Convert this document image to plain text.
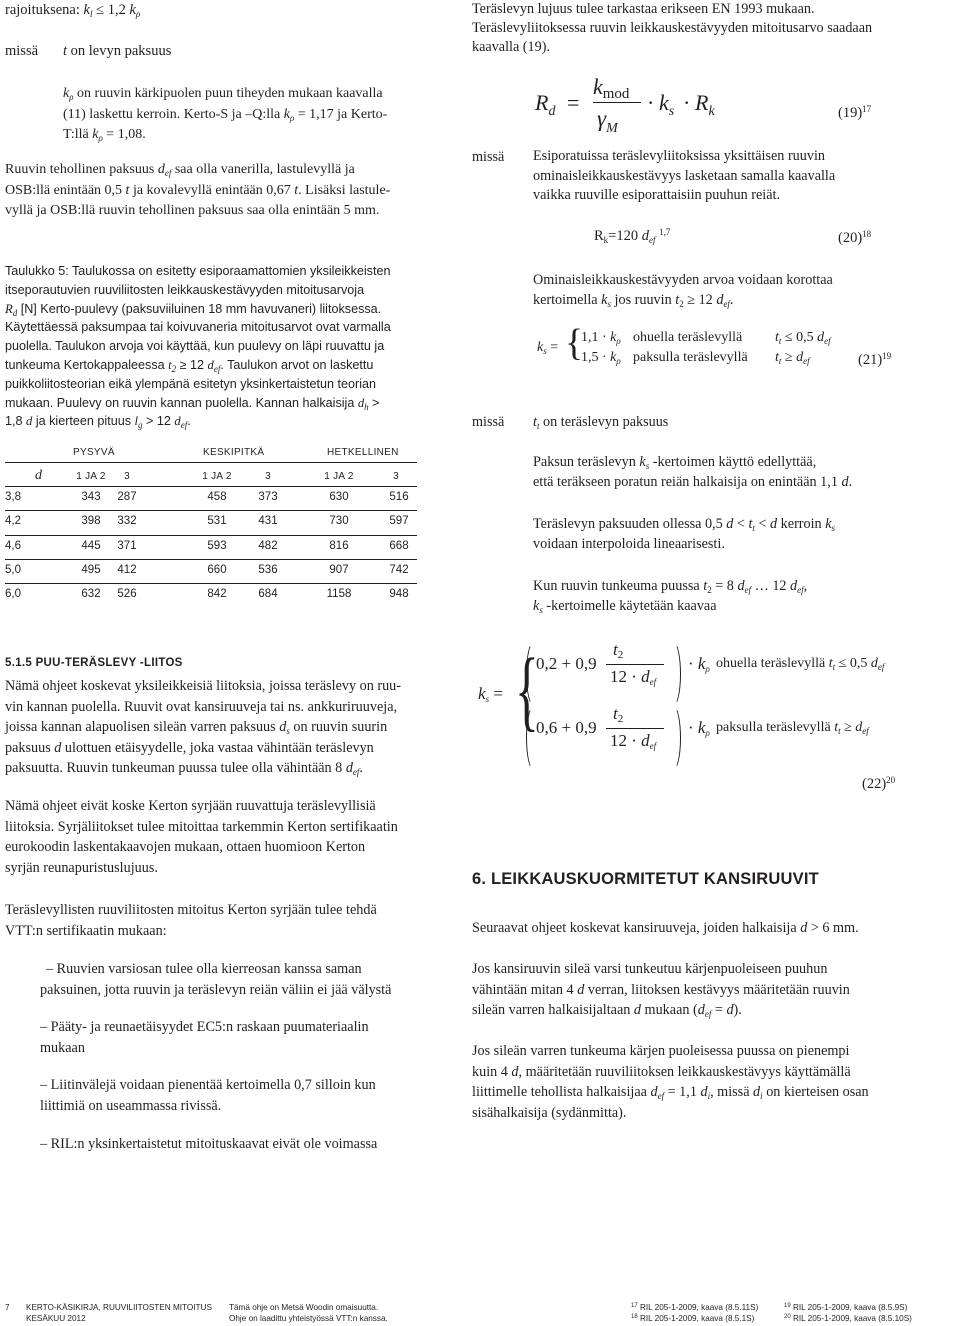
rajoituksena: $k_l \le 1,2$ $k_\rho$

missä t on levyn paksuus

$k_\rho$ on ruuvin kärkipuolen puun tiheyden mukaan kaavalla

(11) laskettu kerroin. Kerto-S ja –Q:lla $k_\rho = 1,17$ ja Kerto-

T:llä $k_\rho = 1,08$.

Ruuvin tehollinen paksuus $d_{ef}$ saa olla vanerilla, lastulevyllä ja

OSB:llä enintään 0,5 t ja kovalevyllä enintään 0,67 t. Lisäksi lastule-

vyllä ja OSB:llä ruuvin tehollinen paksuus saa olla enintään 5 mm.

Taulukko 5: Taulukossa on esitetty esiporaamattomien yksileikkeisten

itseporautuvien ruuviliitosten leikkauskestävyyden mitoitusarvoja

$R_d$ [N] Kerto-puulevy (paksuviiluinen 18 mm havuvaneri) liitoksessa.

Käytettäessä paksumpaa tai koivuvaneria mitoitusarvot ovat varmalla

puolella. Taulukon arvoja voi käyttää, kun puulevy on läpi ruuvattu ja

tunkeuma Kertokappaleessa $t_2 \ge 12$ $d_{ef}$. Taulukon arvot on laskettu

puikkoliitosteorian eikä ylempänä esitetyn yksinkertaistetun teorian

mukaan. Puulevy on ruuvin kannan puolella. Kannan halkaisija $d_h$ >

1,8 d ja kierteen pituus $l_g > 12$ $d_{ef}$.

PYSYVÄ	KESKIPITKÄ	HETKELLINEN
d	1 JA 2	3	1 JA 2	3	1 JA 2	3
3,8	343	287	458	373	630	516
4,2	398	332	531	431	730	597
4,6	445	371	593	482	816	668
5,0	495	412	660	536	907	742
6,0	632	526	842	684	1158	948
5.1.5 PUU-TERÄSLEVY -LIITOS

Nämä ohjeet koskevat yksileikkeisiä liitoksia, joissa teräslevy on ruu-

vin kannan puolella. Ruuvit ovat kansiruuveja tai ns. ankkuriruuveja,

joissa kannan alapuolisen sileän varren paksuus $d_s$ on ruuvin suurin

paksuus d ulottuen etäisyydelle, joka vastaa vähintään teräslevyn

paksuutta. Ruuvin tunkeuman puussa tulee olla vähintään 8 $d_{ef}$.

Nämä ohjeet eivät koske Kerton syrjään ruuvattuja teräslevyllisiä

liitoksia. Syrjäliitokset tulee mitoittaa tarkemmin Kerton sertifikaatin

eurokoodin laskentakaavojen mukaan, ottaen huomioon Kerton

syrjän reunapuristuslujuus.

Teräslevyllisten ruuviliitosten mitoitus Kerton syrjään tulee tehdä

VTT:n sertifikaatin mukaan:

– Ruuvien varsiosan tulee olla kierreosan kanssa saman

paksuinen, jotta ruuvin ja teräslevyn reiän väliin ei jää välystä

– Pääty- ja reunaetäisyydet EC5:n raskaan puumateriaalin

mukaan

– Liitinvälejä voidaan pienentää kertoimella 0,7 silloin kun

liittimiä on useammassa rivissä.

– RIL:n yksinkertaistetut mitoituskaavat eivät ole voimassa

Teräslevyn lujuus tulee tarkastaa erikseen EN 1993 mukaan.

Teräslevyliitoksessa ruuvin leikkauskestävyyden mitoitusarvo saadaan

kaavalla (19).

$R_d$ =
$k_{mod}$
$\gamma_M$
· $k_s \cdot R_k$	$(19)^{17}$
missä Esiporatuissa teräslevyliitoksissa yksittäisen ruuvin

ominaisleikkauskestävyys lasketaan samalla kaavalla

vaikka ruuville esiporattaisiin puuhun reiät.

$R_k=120$ $d_{ef}$ $^{1,7}$	$(20)^{18}$

Ominaisleikkauskestävyyden arvoa voidaan korottaa

kertoimella $k_s$ jos ruuvin $t_2 \ge 12$ $d_{ef}$.

$k_s$ = {
$1,1 \cdot k_\rho$ ohuella teräslevyllä $t_t \le 0,5$ $d_{ef}$
$1,5 \cdot k_\rho$ paksulla teräslevyllä $t_t \ge d_{ef}$	$(21)^{19}$
missä $t_t$ on teräslevyn paksuus

Paksun teräslevyn $k_s$ -kertoimen käyttö edellyttää,

että teräkseen poratun reiän halkaisija on enintään 1,1 d.

Teräslevyn paksuuden ollessa 0,5 $d < t_t < d$ kerroin $k_s$

voidaan interpoloida lineaarisesti.

Kun ruuvin tunkeuma puussa $t_2 = 8$ $d_{ef}$ … 12 $d_{ef}$,

$k_s$ -kertoimelle käytetään kaavaa

$k_s$ = {
0,2 + 0,9
$t_2$
$12 \cdot d_{ef}$
· $k_\rho$ ohuella teräslevyllä $t_t \le 0,5$ $d_{ef}$
0,6 + 0,9
$t_2$
$12 \cdot d_{ef}$
· $k_\rho$ paksulla teräslevyllä $t_t \ge d_{ef}$
$(22)^{20}$
6. LEIKKAUSKUORMITETUT KANSIRUUVIT
Seuraavat ohjeet koskevat kansiruuveja, joiden halkaisija d > 6 mm.

Jos kansiruuvin sileä varsi tunkeutuu kärjenpuoleiseen puuhun

vähintään mitan 4 d verran, liitoksen kestävyys määritetään ruuvin

sileän varren halkaisijaltaan d mukaan $(d_{ef} = d)$.

Jos sileän varren tunkeuma kärjen puoleisessa puussa on pienempi

kuin 4 d, määritetään ruuviliitoksen leikkauskestävyys käyttämällä

liittimelle tehollista halkaisijaa $d_{ef} = 1,1$ $d_i$, missä $d_i$ on kierteisen osan

sisähalkaisija (sydänmitta).

7 KERTO-KÄSIKIRJA, RUUVILIITOSTEN MITOITUS

KESÄKUU 2012

Tämä ohje on Metsä Woodin omaisuutta.

Ohje on laadittu yhteistyössä VTT:n kanssa.

$^{17}$ RIL 205-1-2009, kaava (8.5.11S)

$^{18}$ RIL 205-1-2009, kaava (8.5.1S)

$^{19}$ RIL 205-1-2009, kaava (8.5.9S)

$^{20}$ RIL 205-1-2009, kaava (8.5.10S)
